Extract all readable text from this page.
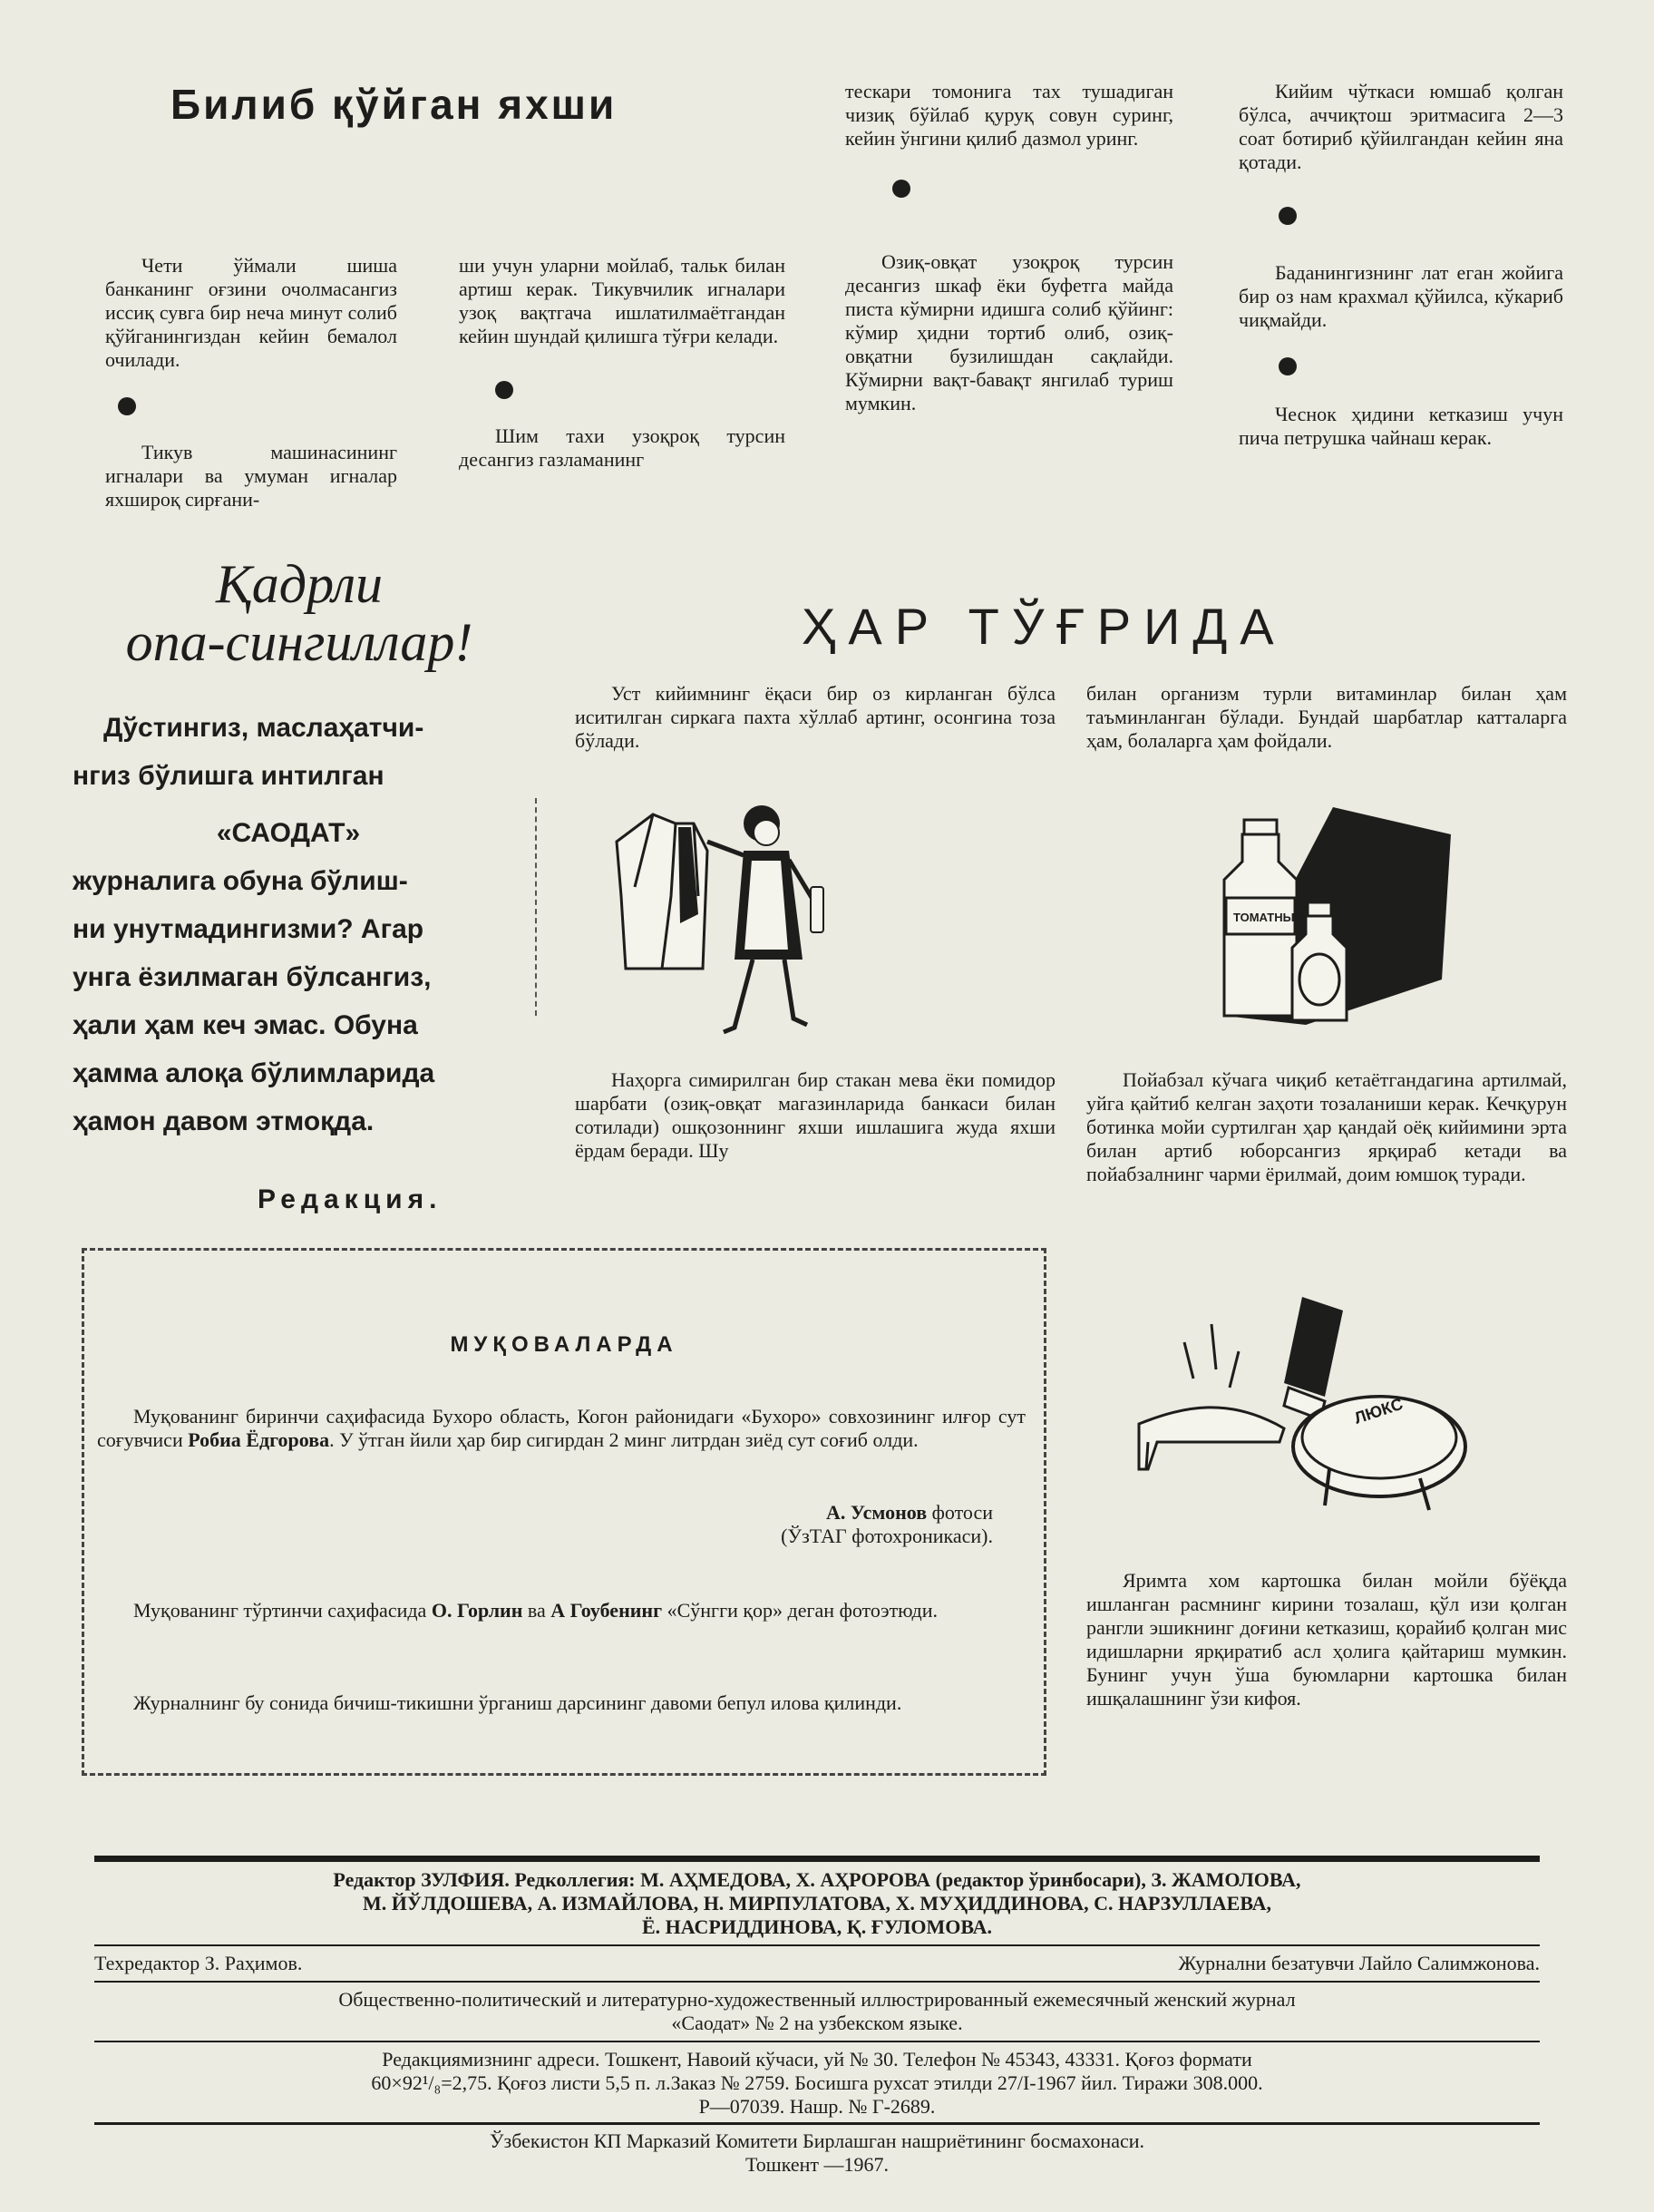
Билиб қўйган яхши

Чети ўймали шиша банканинг оғзини очолмасангиз иссиқ сувга бир неча минут солиб қўйганингиздан кейин бемалол очилади.

Тикув машинасининг игналари ва умуман игналар яхшироқ сирғани-

ши учун уларни мойлаб, тальк билан артиш керак. Тикувчилик игналари узоқ вақтгача ишлатилмаётгандан кейин шундай қилишга тўғри келади.

Шим тахи узоқроқ турсин десангиз газламанинг

тескари томонига тах тушадиган чизиқ бўйлаб қуруқ совун суринг, кейин ўнгини қилиб дазмол уринг.

Озиқ-овқат узоқроқ турсин десангиз шкаф ёки буфетга майда писта кўмирни идишга солиб қўйинг: кўмир ҳидни тортиб олиб, озиқ-овқатни бузилишдан сақлайди. Кўмирни вақт-бавақт янгилаб туриш мумкин.

Кийим чўткаси юмшаб қолган бўлса, аччиқтош эритмасига 2—3 соат ботириб қўйилгандан кейин яна қотади.

Баданингизнинг лат еган жойига бир оз нам крахмал қўйилса, кўкариб чиқмайди.

Чеснок ҳидини кетказиш учун пича петрушка чайнаш керак.

Қадрли
опа-сингиллар!
Дўстингиз, маслаҳатчи-
нгиз бўлишга интилган
«САОДАТ»
журналига обуна бўлиш-
ни унутмадингизми? Агар
унга ёзилмаган бўлсангиз,
ҳали ҳам кеч эмас. Обуна
ҳамма алоқа бўлимларида
ҳамон давом этмоқда.
Редакция.
ҲАР ТЎҒРИДА

Уст кийимнинг ёқаси бир оз кирланган бўлса иситилган сиркага пахта хўллаб артинг, осонгина тоза бўлади.

Наҳорга симирилган бир стакан мева ёки помидор шарбати (озиқ-овқат магазинларида банкаси билан сотилади) ошқозоннинг яхши ишлашига жуда яхши ёрдам беради. Шу

билан организм турли витаминлар билан ҳам таъминланган бўлади. Бундай шарбатлар катталарга ҳам, болаларга ҳам фойдали.

ТОМАТНЫЙ

Пойабзал кўчага чиқиб кетаётгандагина артилмай, уйга қайтиб келган заҳоти тозаланиши керак. Кечқурун ботинка мойи суртилган ҳар қандай оёқ кийимини эрта билан артиб юборсангиз ярқираб кетади ва пойабзалнинг чарми ёрилмай, доим юмшоқ туради.

ЛЮКС

Яримта хом картошка билан мойли бўёқда ишланган расмнинг кирини тозалаш, қўл изи қолган рангли эшикнинг доғини кетказиш, қорайиб қолган мис идишларни ярқиратиб асл ҳолига қайтариш мумкин. Бунинг учун ўша буюмларни картошка билан ишқалашнинг ўзи кифоя.

МУҚОВАЛАРДА

Муқованинг биринчи саҳифасида Бухоро область, Когон районидаги «Бухоро» совхозининг илғор сут соғувчиси Робиа Ёдгорова. У ўтган йили ҳар бир сигирдан 2 минг литрдан зиёд сут соғиб олди.

А. Усмонов фотоси
(ЎзТАГ фотохроникаси).

Муқованинг тўртинчи саҳифасида О. Горлин ва А Гоубенинг «Сўнгги қор» деган фотоэтюди.

Журналнинг бу сонида бичиш-тикишни ўрганиш дарсининг давоми бепул илова қилинди.

Редактор ЗУЛФИЯ. Редколлегия: М. АҲМЕДОВА, Х. АҲРОРОВА (редактор ўринбосари), З. ЖАМОЛОВА,
М. ЙЎЛДОШЕВА, А. ИЗМАЙЛОВА, Н. МИРПУЛАТОВА, Х. МУҲИДДИНОВА, С. НАРЗУЛЛАЕВА,
Ё. НАСРИДДИНОВА, Қ. ҒУЛОМОВА.
Техредактор З. Раҳимов.	Журнални безатувчи Лайло Салимжонова.
Общественно-политический и литературно-художественный иллюстрированный ежемесячный женский журнал
«Саодат» № 2 на узбекском языке.
Редакциямизнинг адреси. Тошкент, Навоий кўчаси, уй № 30. Телефон № 45343, 43331. Қоғоз формати
60×92¹/₈=2,75. Қоғоз листи 5,5 п. л.Заказ № 2759. Босишга рухсат этилди 27/I-1967 йил. Тиражи 308.000.
Р—07039. Нашр. № Г-2689.
Ўзбекистон КП Марказий Комитети Бирлашган нашриётининг босмахонаси.
Тошкент —1967.
